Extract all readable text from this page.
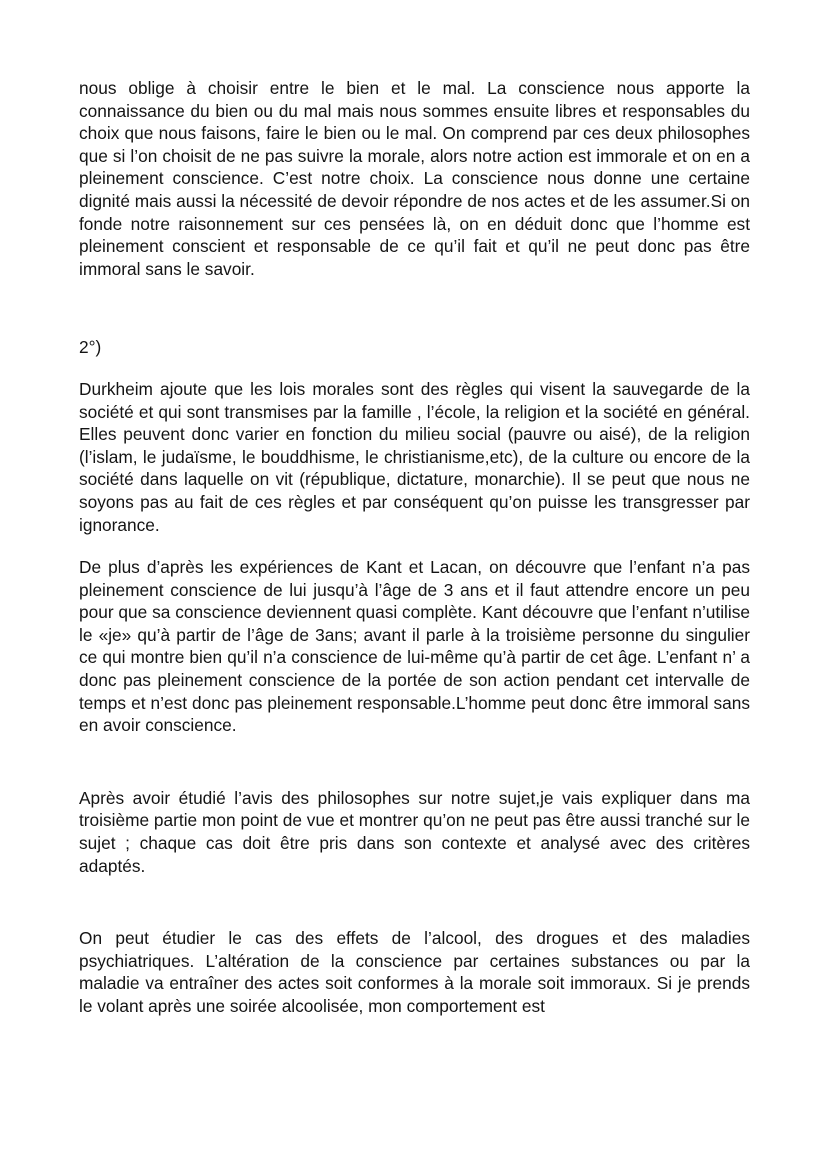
nous oblige à choisir entre le bien et le mal. La conscience nous apporte la connaissance du bien ou du mal mais nous sommes ensuite libres et responsables du choix que nous faisons, faire le bien ou le mal. On comprend par ces deux philosophes que si l’on choisit de ne pas suivre la morale, alors notre action est immorale et on en a pleinement conscience. C’est notre choix. La conscience nous donne une certaine dignité mais aussi la nécessité de devoir répondre de nos actes et de les assumer.Si on fonde notre raisonnement sur ces pensées là, on en déduit donc que l’homme est pleinement conscient et responsable de ce qu’il fait et qu’il ne peut donc pas être immoral sans le savoir.

2°)

Durkheim ajoute que les lois morales sont des règles qui visent la sauvegarde de la société et qui sont transmises par la famille , l’école, la religion et la société en général. Elles peuvent donc varier en fonction du milieu social (pauvre ou aisé), de la religion (l’islam, le judaïsme, le bouddhisme, le christianisme,etc), de la culture ou encore de la société dans laquelle on vit (république, dictature, monarchie). Il se peut que nous ne soyons pas au fait de ces règles et par conséquent qu’on puisse les transgresser par ignorance.

De plus d’après les expériences de Kant et Lacan, on découvre que l’enfant n’a pas pleinement conscience de lui jusqu’à l’âge de 3 ans et il faut attendre encore un peu pour que sa conscience deviennent quasi complète. Kant découvre que l’enfant n’utilise le «je» qu’à partir de l’âge de 3ans; avant il parle à la troisième personne du singulier ce qui montre bien qu’il n’a conscience de lui-même qu’à partir de cet âge. L’enfant n’ a donc pas pleinement conscience de la portée de son action pendant cet intervalle de temps et n’est donc pas pleinement responsable.L’homme peut donc être immoral sans en avoir conscience.

Après avoir étudié l’avis des philosophes sur notre sujet,je vais expliquer dans ma troisième partie mon point de vue et montrer qu’on ne peut pas être aussi tranché sur le sujet ; chaque cas doit être pris dans son contexte et analysé avec des critères adaptés.

On peut étudier le cas des effets de l’alcool, des drogues et des maladies psychiatriques. L’altération de la conscience par certaines substances ou par la maladie va entraîner des actes soit conformes à la morale soit immoraux. Si je prends le volant après une soirée alcoolisée, mon comportement est
